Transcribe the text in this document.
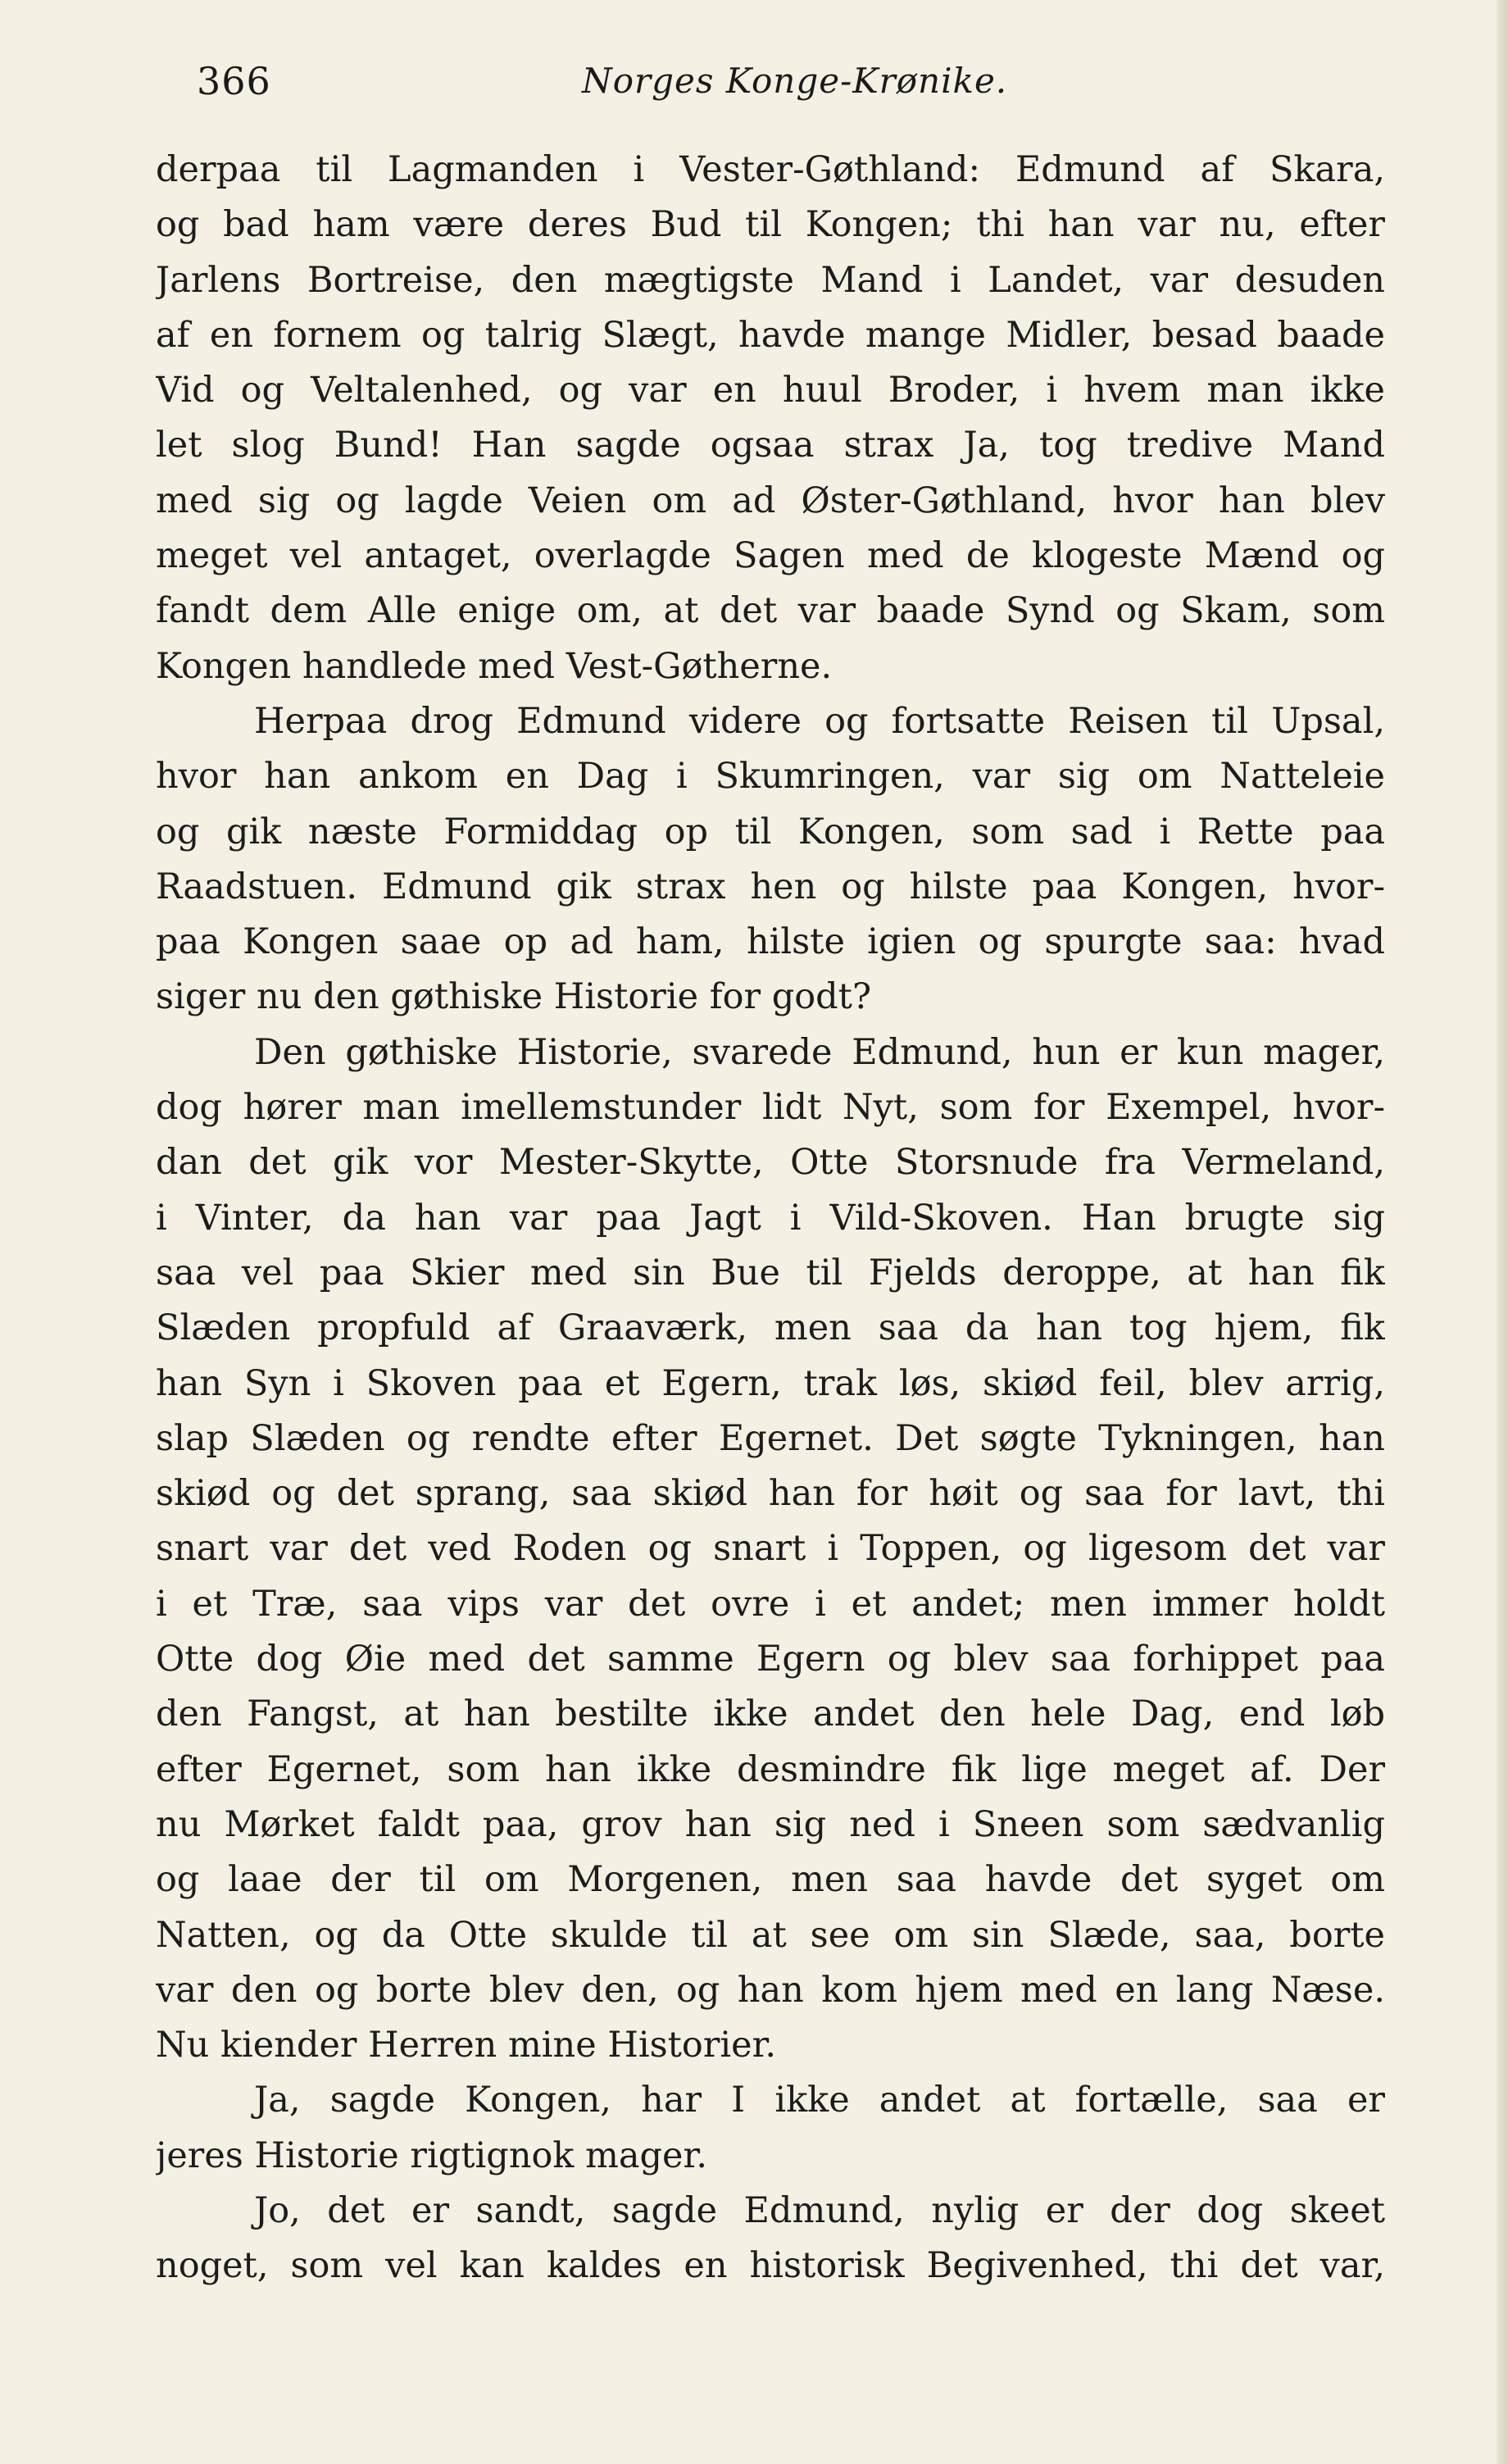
366	Norges Konge-Krønike.
derpaa til Lagmanden i Vester-Gøthland: Edmund af Skara,
og bad ham være deres Bud til Kongen; thi han var nu, efter
Jarlens Bortreise, den mægtigste Mand i Landet, var desuden
af en fornem og talrig Slægt, havde mange Midler, besad baade
Vid og Veltalenhed, og var en huul Broder, i hvem man ikke
let slog Bund! Han sagde ogsaa strax Ja, tog tredive Mand
med sig og lagde Veien om ad Øster-Gøthland, hvor han blev
meget vel antaget, overlagde Sagen med de klogeste Mænd og
fandt dem Alle enige om, at det var baade Synd og Skam, som
Kongen handlede med Vest-Gøtherne.
Herpaa drog Edmund videre og fortsatte Reisen til Upsal,
hvor han ankom en Dag i Skumringen, var sig om Natteleie
og gik næste Formiddag op til Kongen, som sad i Rette paa
Raadstuen. Edmund gik strax hen og hilste paa Kongen, hvor-
paa Kongen saae op ad ham, hilste igien og spurgte saa: hvad
siger nu den gøthiske Historie for godt?
Den gøthiske Historie, svarede Edmund, hun er kun mager,
dog hører man imellemstunder lidt Nyt, som for Exempel, hvor-
dan det gik vor Mester-Skytte, Otte Storsnude fra Vermeland,
i Vinter, da han var paa Jagt i Vild-Skoven. Han brugte sig
saa vel paa Skier med sin Bue til Fjelds deroppe, at han fik
Slæden propfuld af Graaværk, men saa da han tog hjem, fik
han Syn i Skoven paa et Egern, trak løs, skiød feil, blev arrig,
slap Slæden og rendte efter Egernet. Det søgte Tykningen, han
skiød og det sprang, saa skiød han for høit og saa for lavt, thi
snart var det ved Roden og snart i Toppen, og ligesom det var
i et Træ, saa vips var det ovre i et andet; men immer holdt
Otte dog Øie med det samme Egern og blev saa forhippet paa
den Fangst, at han bestilte ikke andet den hele Dag, end løb
efter Egernet, som han ikke desmindre fik lige meget af. Der
nu Mørket faldt paa, grov han sig ned i Sneen som sædvanlig
og laae der til om Morgenen, men saa havde det syget om
Natten, og da Otte skulde til at see om sin Slæde, saa, borte
var den og borte blev den, og han kom hjem med en lang Næse.
Nu kiender Herren mine Historier.
Ja, sagde Kongen, har I ikke andet at fortælle, saa er
jeres Historie rigtignok mager.
Jo, det er sandt, sagde Edmund, nylig er der dog skeet
noget, som vel kan kaldes en historisk Begivenhed, thi det var,
